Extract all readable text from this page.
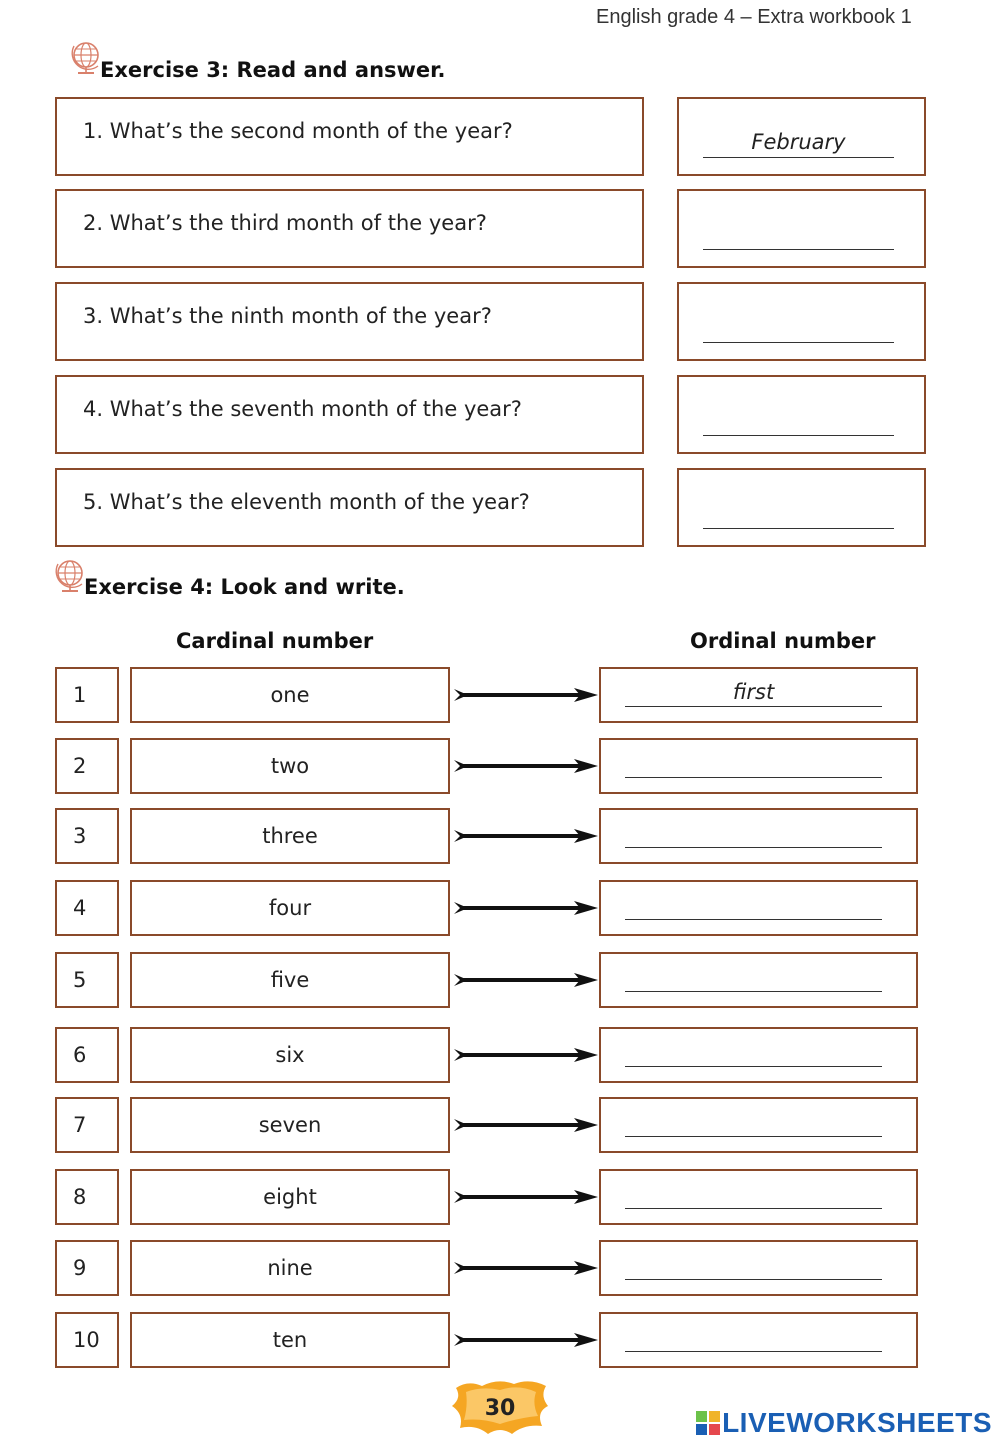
English grade 4 – Extra workbook 1
Exercise 3: Read and answer.
1. What’s the second month of the year?	February
2. What’s the third month of the year?
3. What’s the ninth month of the year?
4. What’s the seventh month of the year?
5. What’s the eleventh month of the year?
Exercise 4: Look and write.
Cardinal number	Ordinal number
1	one	first
2	two
3	three
4	four
5	five
6	six
7	seven
8	eight
9	nine
10	ten
30	LIVEWORKSHEETS
